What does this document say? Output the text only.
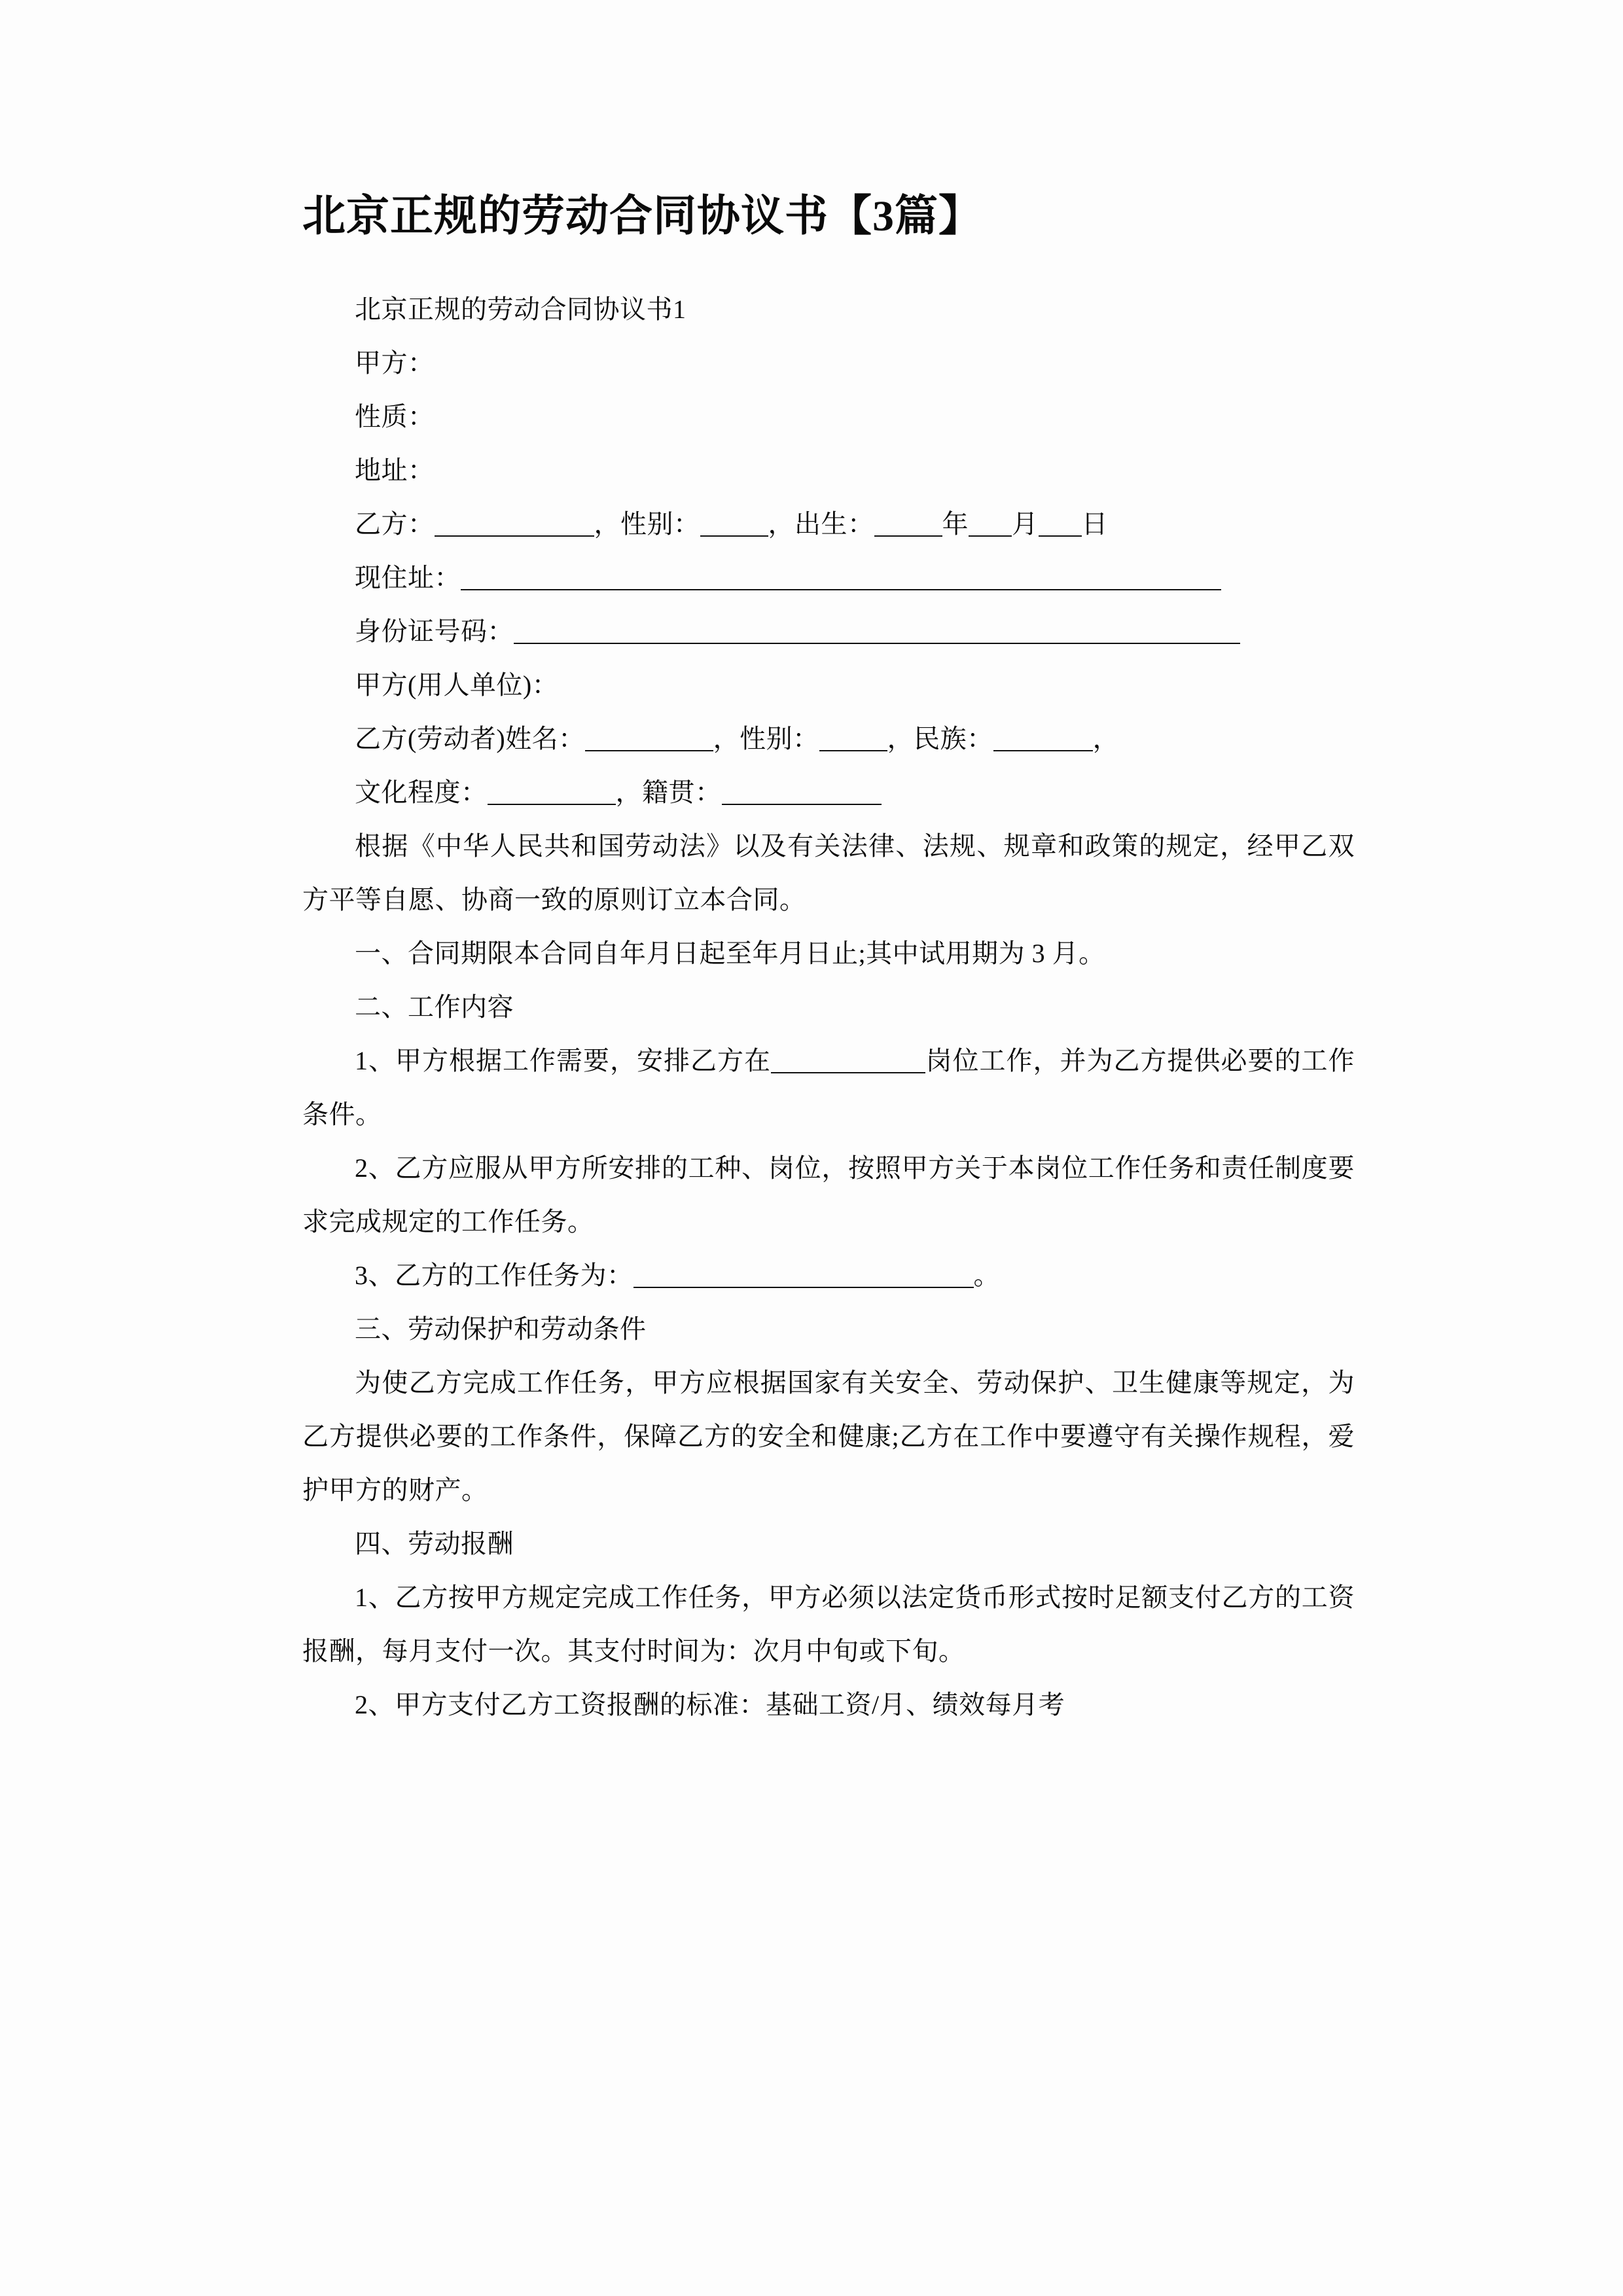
北京正规的劳动合同协议书【3篇】

北京正规的劳动合同协议书1

甲方：

性质：

地址：

乙方：	，性别：	，出生：	年 月 日

现住址：

身份证号码：

甲方(用人单位)：

乙方(劳动者)姓名：	，性别：	，民族：	，

文化程度：	，籍贯：

根据《中华人民共和国劳动法》以及有关法律、法规、规章和政策的规定，经甲乙双方平等自愿、协商一致的原则订立本合同。

一、合同期限本合同自年月日起至年月日止;其中试用期为 3 月。

二、工作内容

1、甲方根据工作需要，安排乙方在	岗位工作，并为乙方提供必要的工作条件。

2、乙方应服从甲方所安排的工种、岗位，按照甲方关于本岗位工作任务和责任制度要求完成规定的工作任务。

3、乙方的工作任务为：	。

三、劳动保护和劳动条件

为使乙方完成工作任务，甲方应根据国家有关安全、劳动保护、卫生健康等规定，为乙方提供必要的工作条件，保障乙方的安全和健康;乙方在工作中要遵守有关操作规程，爱护甲方的财产。

四、劳动报酬

1、乙方按甲方规定完成工作任务，甲方必须以法定货币形式按时足额支付乙方的工资报酬，每月支付一次。其支付时间为：次月中旬或下旬。

2、甲方支付乙方工资报酬的标准：基础工资/月、绩效每月考
